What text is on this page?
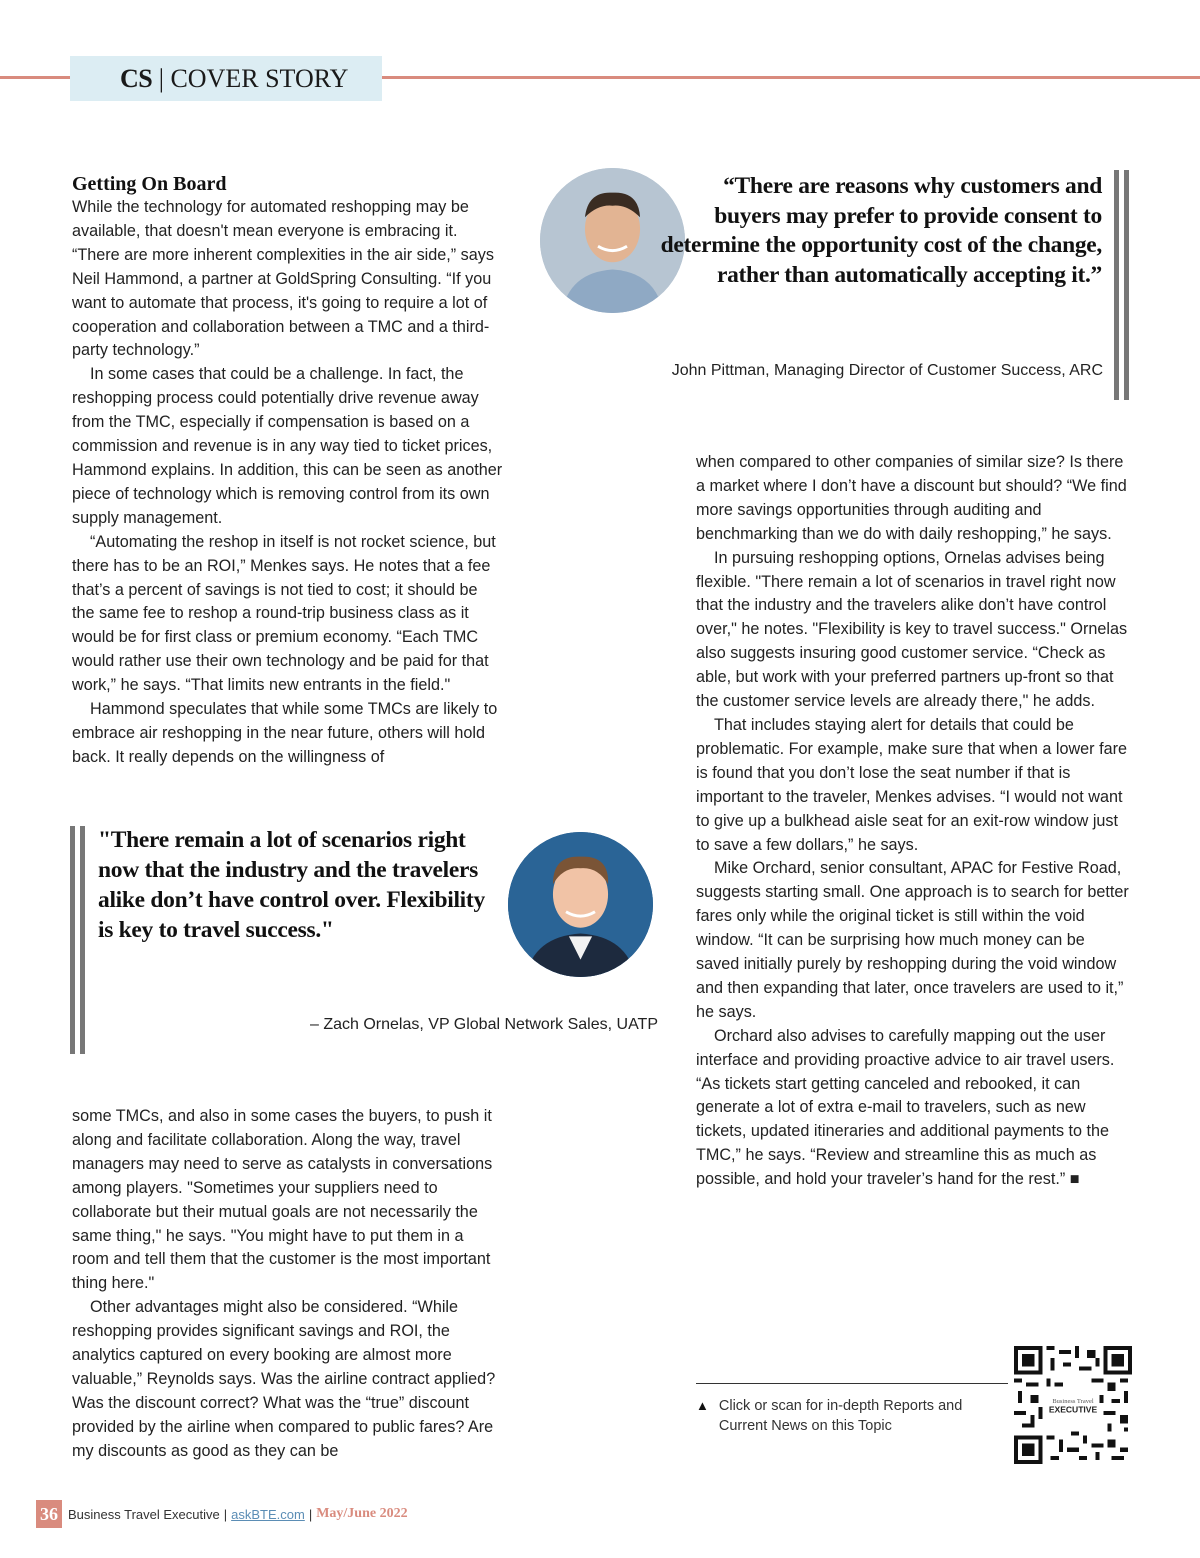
CS | COVER STORY
Getting On Board

While the technology for automated reshopping may be available, that doesn't mean everyone is embracing it. “There are more inherent complexities in the air side,” says Neil Hammond, a partner at GoldSpring Consulting. “If you want to automate that process, it's going to require a lot of cooperation and collaboration between a TMC and a third-party technology.”

In some cases that could be a challenge. In fact, the reshopping process could potentially drive revenue away from the TMC, especially if compensation is based on a commission and revenue is in any way tied to ticket prices, Hammond explains. In addition, this can be seen as another piece of technology which is removing control from its own supply management.

“Automating the reshop in itself is not rocket science, but there has to be an ROI,” Menkes says. He notes that a fee that’s a percent of savings is not tied to cost; it should be the same fee to reshop a round-trip business class as it would be for first class or premium economy. “Each TMC would rather use their own technology and be paid for that work,” he says. “That limits new entrants in the field."

Hammond speculates that while some TMCs are likely to embrace air reshopping in the near future, others will hold back. It really depends on the willingness of

“There are reasons why customers and buyers may prefer to provide consent to determine the opportunity cost of the change, rather than automatically accepting it.”
John Pittman, Managing Director of Customer Success, ARC

when compared to other companies of similar size? Is there a market where I don’t have a discount but should? “We find more savings opportunities through auditing and benchmarking than we do with daily reshopping,” he says.

In pursuing reshopping options, Ornelas advises being flexible. "There remain a lot of scenarios in travel right now that the industry and the travelers alike don’t have control over," he notes. "Flexibility is key to travel success." Ornelas also suggests insuring good customer service. “Check as able, but work with your preferred partners up-front so that the customer service levels are already there," he adds.

That includes staying alert for details that could be problematic. For example, make sure that when a lower fare is found that you don’t lose the seat number if that is important to the traveler, Menkes advises. “I would not want to give up a bulkhead aisle seat for an exit-row window just to save a few dollars,” he says.

Mike Orchard, senior consultant, APAC for Festive Road, suggests starting small. One approach is to search for better fares only while the original ticket is still within the void window. “It can be surprising how much money can be saved initially purely by reshopping during the void window and then expanding that later, once travelers are used to it,” he says.

Orchard also advises to carefully mapping out the user interface and providing proactive advice to air travel users. “As tickets start getting canceled and rebooked, it can generate a lot of extra e-mail to travelers, such as new tickets, updated itineraries and additional payments to the TMC,” he says. “Review and streamline this as much as possible, and hold your traveler’s hand for the rest.” ■

"There remain a lot of scenarios right now that the industry and the travelers alike don’t have control over. Flexibility is key to travel success."
– Zach Ornelas, VP Global Network Sales, UATP

some TMCs, and also in some cases the buyers, to push it along and facilitate collaboration. Along the way, travel managers may need to serve as catalysts in conversations among players. "Sometimes your suppliers need to collaborate but their mutual goals are not necessarily the same thing," he says. "You might have to put them in a room and tell them that the customer is the most important thing here."

Other advantages might also be considered. “While reshopping provides significant savings and ROI, the analytics captured on every booking are almost more valuable,” Reynolds says. Was the airline contract applied? Was the discount correct? What was the “true” discount provided by the airline when compared to public fares? Are my discounts as good as they can be

▲ Click or scan for in-depth Reports and Current News on this Topic
Business Travel
EXECUTIVE
36 Business Travel Executive | askBTE.com | May/June 2022
